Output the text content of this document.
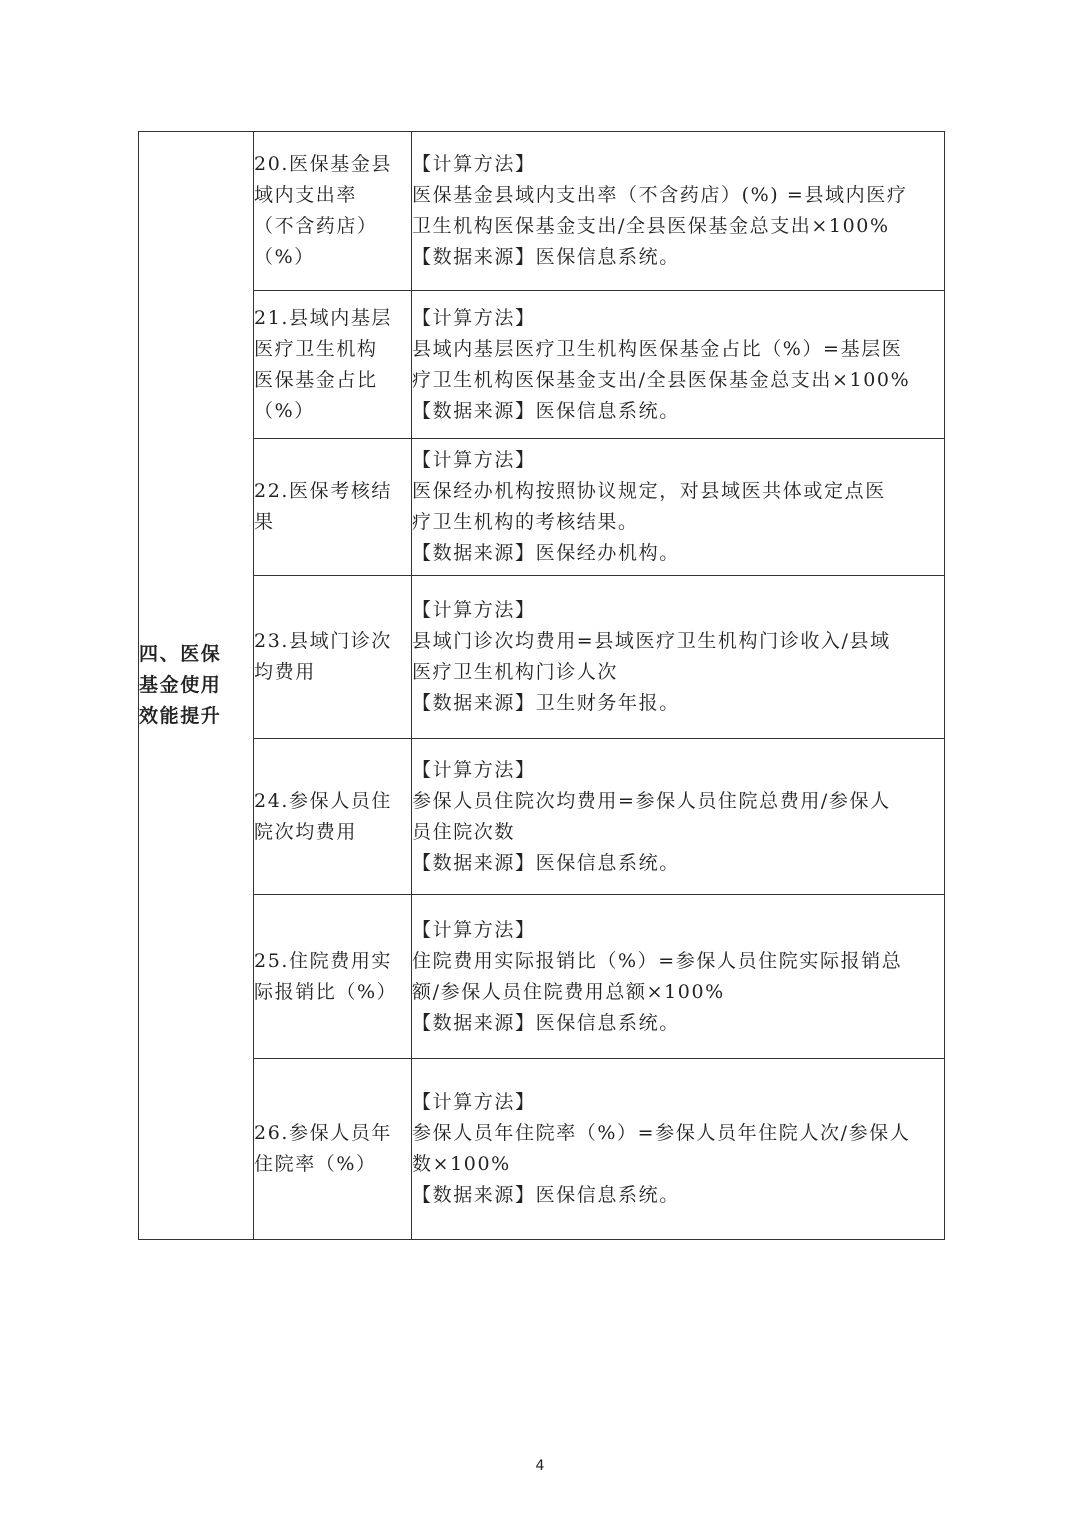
四、医保
基金使用
效能提升	20.医保基金县
域内支出率
（不含药店）
（%）	【计算方法】
医保基金县域内支出率（不含药店）(%) =县域内医疗
卫生机构医保基金支出/全县医保基金总支出×100%
【数据来源】医保信息系统。

	21.县域内基层
医疗卫生机构
医保基金占比
（%）	【计算方法】
县域内基层医疗卫生机构医保基金占比（%）=基层医
疗卫生机构医保基金支出/全县医保基金总支出×100%
【数据来源】医保信息系统。

	22.医保考核结
果	【计算方法】
医保经办机构按照协议规定，对县域医共体或定点医
疗卫生机构的考核结果。
【数据来源】医保经办机构。

	23.县域门诊次
均费用	【计算方法】
县域门诊次均费用=县域医疗卫生机构门诊收入/县域
医疗卫生机构门诊人次
【数据来源】卫生财务年报。

	24.参保人员住
院次均费用	【计算方法】
参保人员住院次均费用=参保人员住院总费用/参保人
员住院次数
【数据来源】医保信息系统。

	25.住院费用实
际报销比（%）	【计算方法】
住院费用实际报销比（%）=参保人员住院实际报销总
额/参保人员住院费用总额×100%
【数据来源】医保信息系统。

	26.参保人员年
住院率（%）	【计算方法】
参保人员年住院率（%）=参保人员年住院人次/参保人
数×100%
【数据来源】医保信息系统。
4
